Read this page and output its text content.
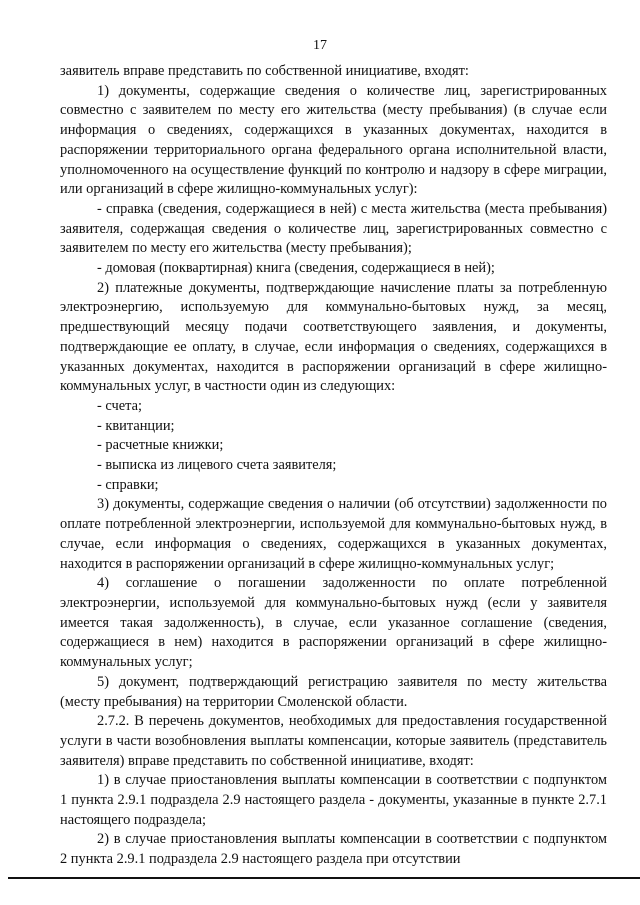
17

заявитель вправе представить по собственной инициативе, входят:

1) документы, содержащие сведения о количестве лиц, зарегистрированных совместно с заявителем по месту его жительства (месту пребывания) (в случае если информация о сведениях, содержащихся в указанных документах, находится в распоряжении территориального органа федерального органа исполнительной власти, уполномоченного на осуществление функций по контролю и надзору в сфере миграции, или организаций в сфере жилищно-коммунальных услуг):

- справка (сведения, содержащиеся в ней) с места жительства (места пребывания) заявителя, содержащая сведения о количестве лиц, зарегистрированных совместно с заявителем по месту его жительства (месту пребывания);

- домовая (поквартирная) книга (сведения, содержащиеся в ней);

2) платежные документы, подтверждающие начисление платы за потребленную электроэнергию, используемую для коммунально-бытовых нужд, за месяц, предшествующий месяцу подачи соответствующего заявления, и документы, подтверждающие ее оплату, в случае, если информация о сведениях, содержащихся в указанных документах, находится в распоряжении организаций в сфере жилищно-коммунальных услуг, в частности один из следующих:

- счета;

- квитанции;

- расчетные книжки;

- выписка из лицевого счета заявителя;

- справки;

3) документы, содержащие сведения о наличии (об отсутствии) задолженности по оплате потребленной электроэнергии, используемой для коммунально-бытовых нужд, в случае, если информация о сведениях, содержащихся в указанных документах, находится в распоряжении организаций в сфере жилищно-коммунальных услуг;

4) соглашение о погашении задолженности по оплате потребленной электроэнергии, используемой для коммунально-бытовых нужд (если у заявителя имеется такая задолженность), в случае, если указанное соглашение (сведения, содержащиеся в нем) находится в распоряжении организаций в сфере жилищно-коммунальных услуг;

5) документ, подтверждающий регистрацию заявителя по месту жительства (месту пребывания) на территории Смоленской области.

2.7.2. В перечень документов, необходимых для предоставления государственной услуги в части возобновления выплаты компенсации, которые заявитель (представитель заявителя) вправе представить по собственной инициативе, входят:

1) в случае приостановления выплаты компенсации в соответствии с подпунктом 1 пункта 2.9.1 подраздела 2.9 настоящего раздела - документы, указанные в пункте 2.7.1 настоящего подраздела;

2) в случае приостановления выплаты компенсации в соответствии с подпунктом 2 пункта 2.9.1 подраздела 2.9 настоящего раздела при отсутствии
